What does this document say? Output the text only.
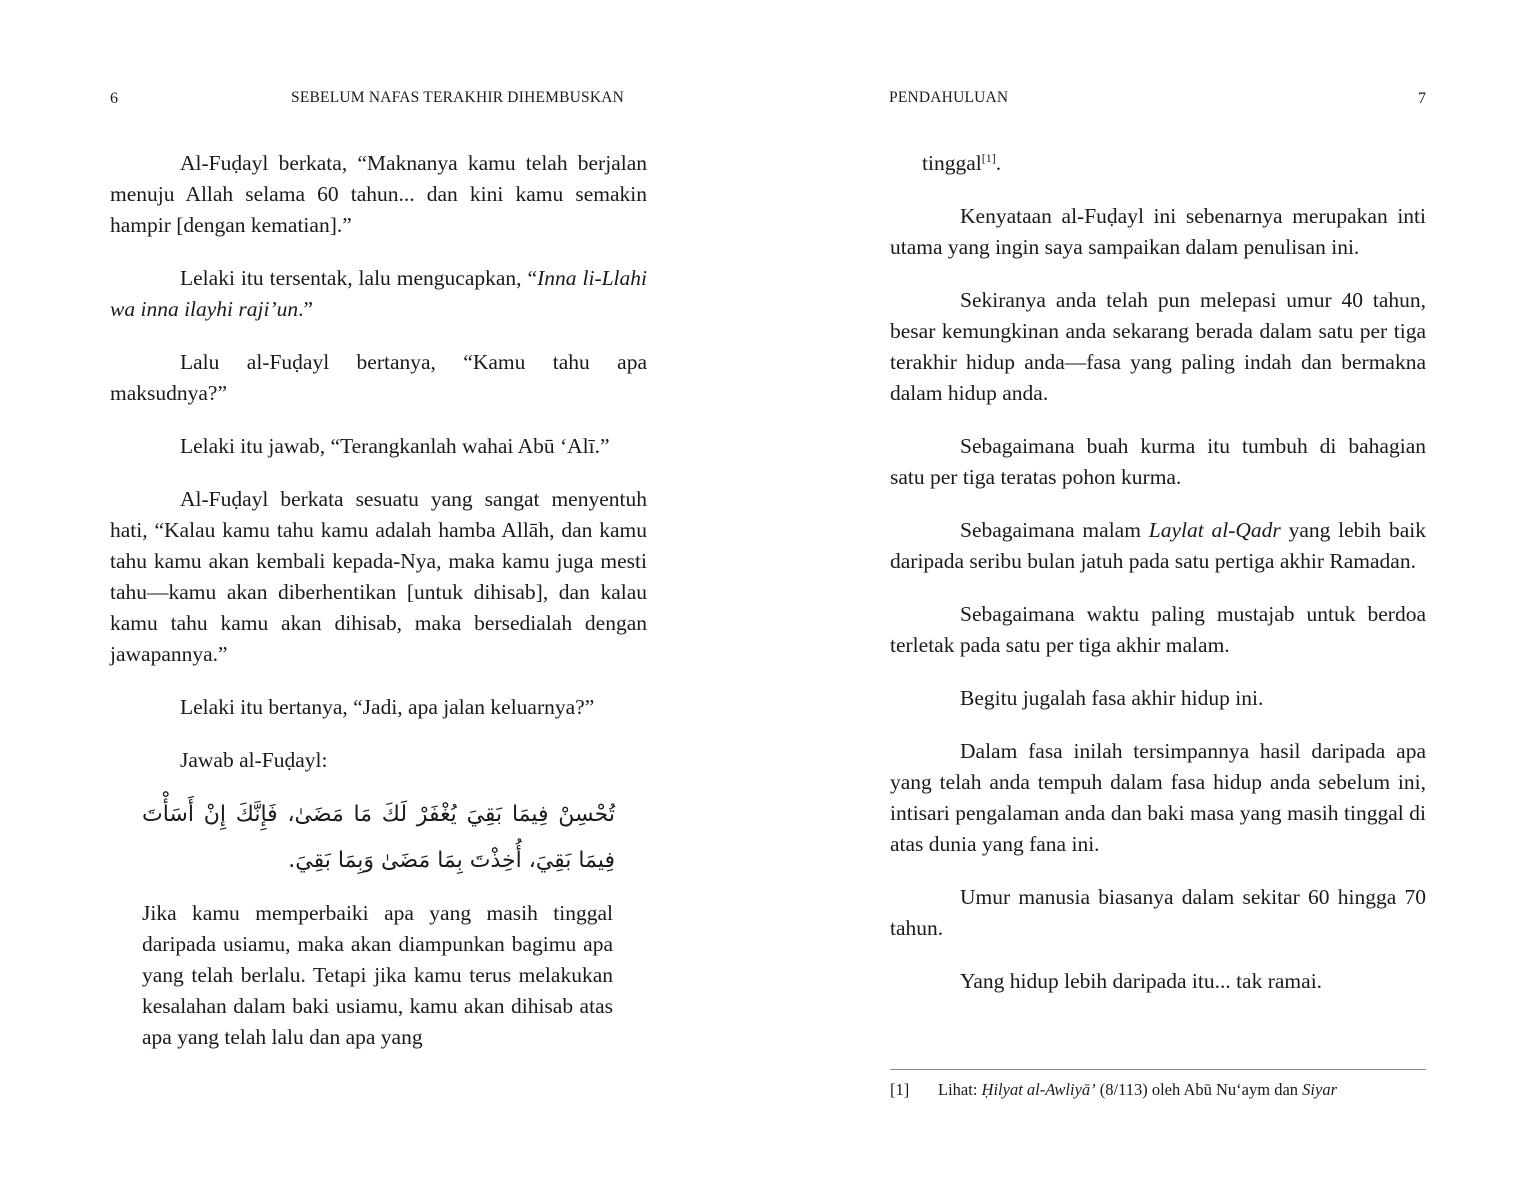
6	SEBELUM NAFAS TERAKHIR DIHEMBUSKAN

Al-Fuḍayl berkata, “Maknanya kamu telah berjalan menuju Allah selama 60 tahun... dan kini kamu semakin hampir [dengan kematian].”

Lelaki itu tersentak, lalu mengucapkan, “Inna li-Llahi wa inna ilayhi raji’un.”

Lalu al-Fuḍayl bertanya, “Kamu tahu apa maksudnya?”

Lelaki itu jawab, “Terangkanlah wahai Abū ‘Alī.”

Al-Fuḍayl berkata sesuatu yang sangat menyentuh hati, “Kalau kamu tahu kamu adalah hamba Allāh, dan kamu tahu kamu akan kembali kepada-Nya, maka kamu juga mesti tahu—kamu akan diberhentikan [untuk dihisab], dan kalau kamu tahu kamu akan dihisab, maka bersedialah dengan jawapannya.”

Lelaki itu bertanya, “Jadi, apa jalan keluarnya?”

Jawab al-Fuḍayl:

تُحْسِنْ فِيمَا بَقِيَ يُغْفَرْ لَكَ مَا مَضَىٰ، فَإِنَّكَ إِنْ أَسَأْتَ فِيمَا بَقِيَ، أُخِذْتَ بِمَا مَضَىٰ وَبِمَا بَقِيَ.

Jika kamu memperbaiki apa yang masih tinggal daripada usiamu, maka akan diampunkan bagimu apa yang telah berlalu. Tetapi jika kamu terus melakukan kesalahan dalam baki usiamu, kamu akan dihisab atas apa yang telah lalu dan apa yang

PENDAHULUAN	7

tinggal[1].

Kenyataan al-Fuḍayl ini sebenarnya merupakan inti utama yang ingin saya sampaikan dalam penulisan ini.

Sekiranya anda telah pun melepasi umur 40 tahun, besar kemungkinan anda sekarang berada dalam satu per tiga terakhir hidup anda—fasa yang paling indah dan bermakna dalam hidup anda.

Sebagaimana buah kurma itu tumbuh di bahagian satu per tiga teratas pohon kurma.

Sebagaimana malam Laylat al-Qadr yang lebih baik daripada seribu bulan jatuh pada satu pertiga akhir Ramadan.

Sebagaimana waktu paling mustajab untuk berdoa terletak pada satu per tiga akhir malam.

Begitu jugalah fasa akhir hidup ini.

Dalam fasa inilah tersimpannya hasil daripada apa yang telah anda tempuh dalam fasa hidup anda sebelum ini, intisari pengalaman anda dan baki masa yang masih tinggal di atas dunia yang fana ini.

Umur manusia biasanya dalam sekitar 60 hingga 70 tahun.

Yang hidup lebih daripada itu... tak ramai.

[1] Lihat: Ḥilyat al-Awliyā’ (8/113) oleh Abū Nu‘aym dan Siyar
